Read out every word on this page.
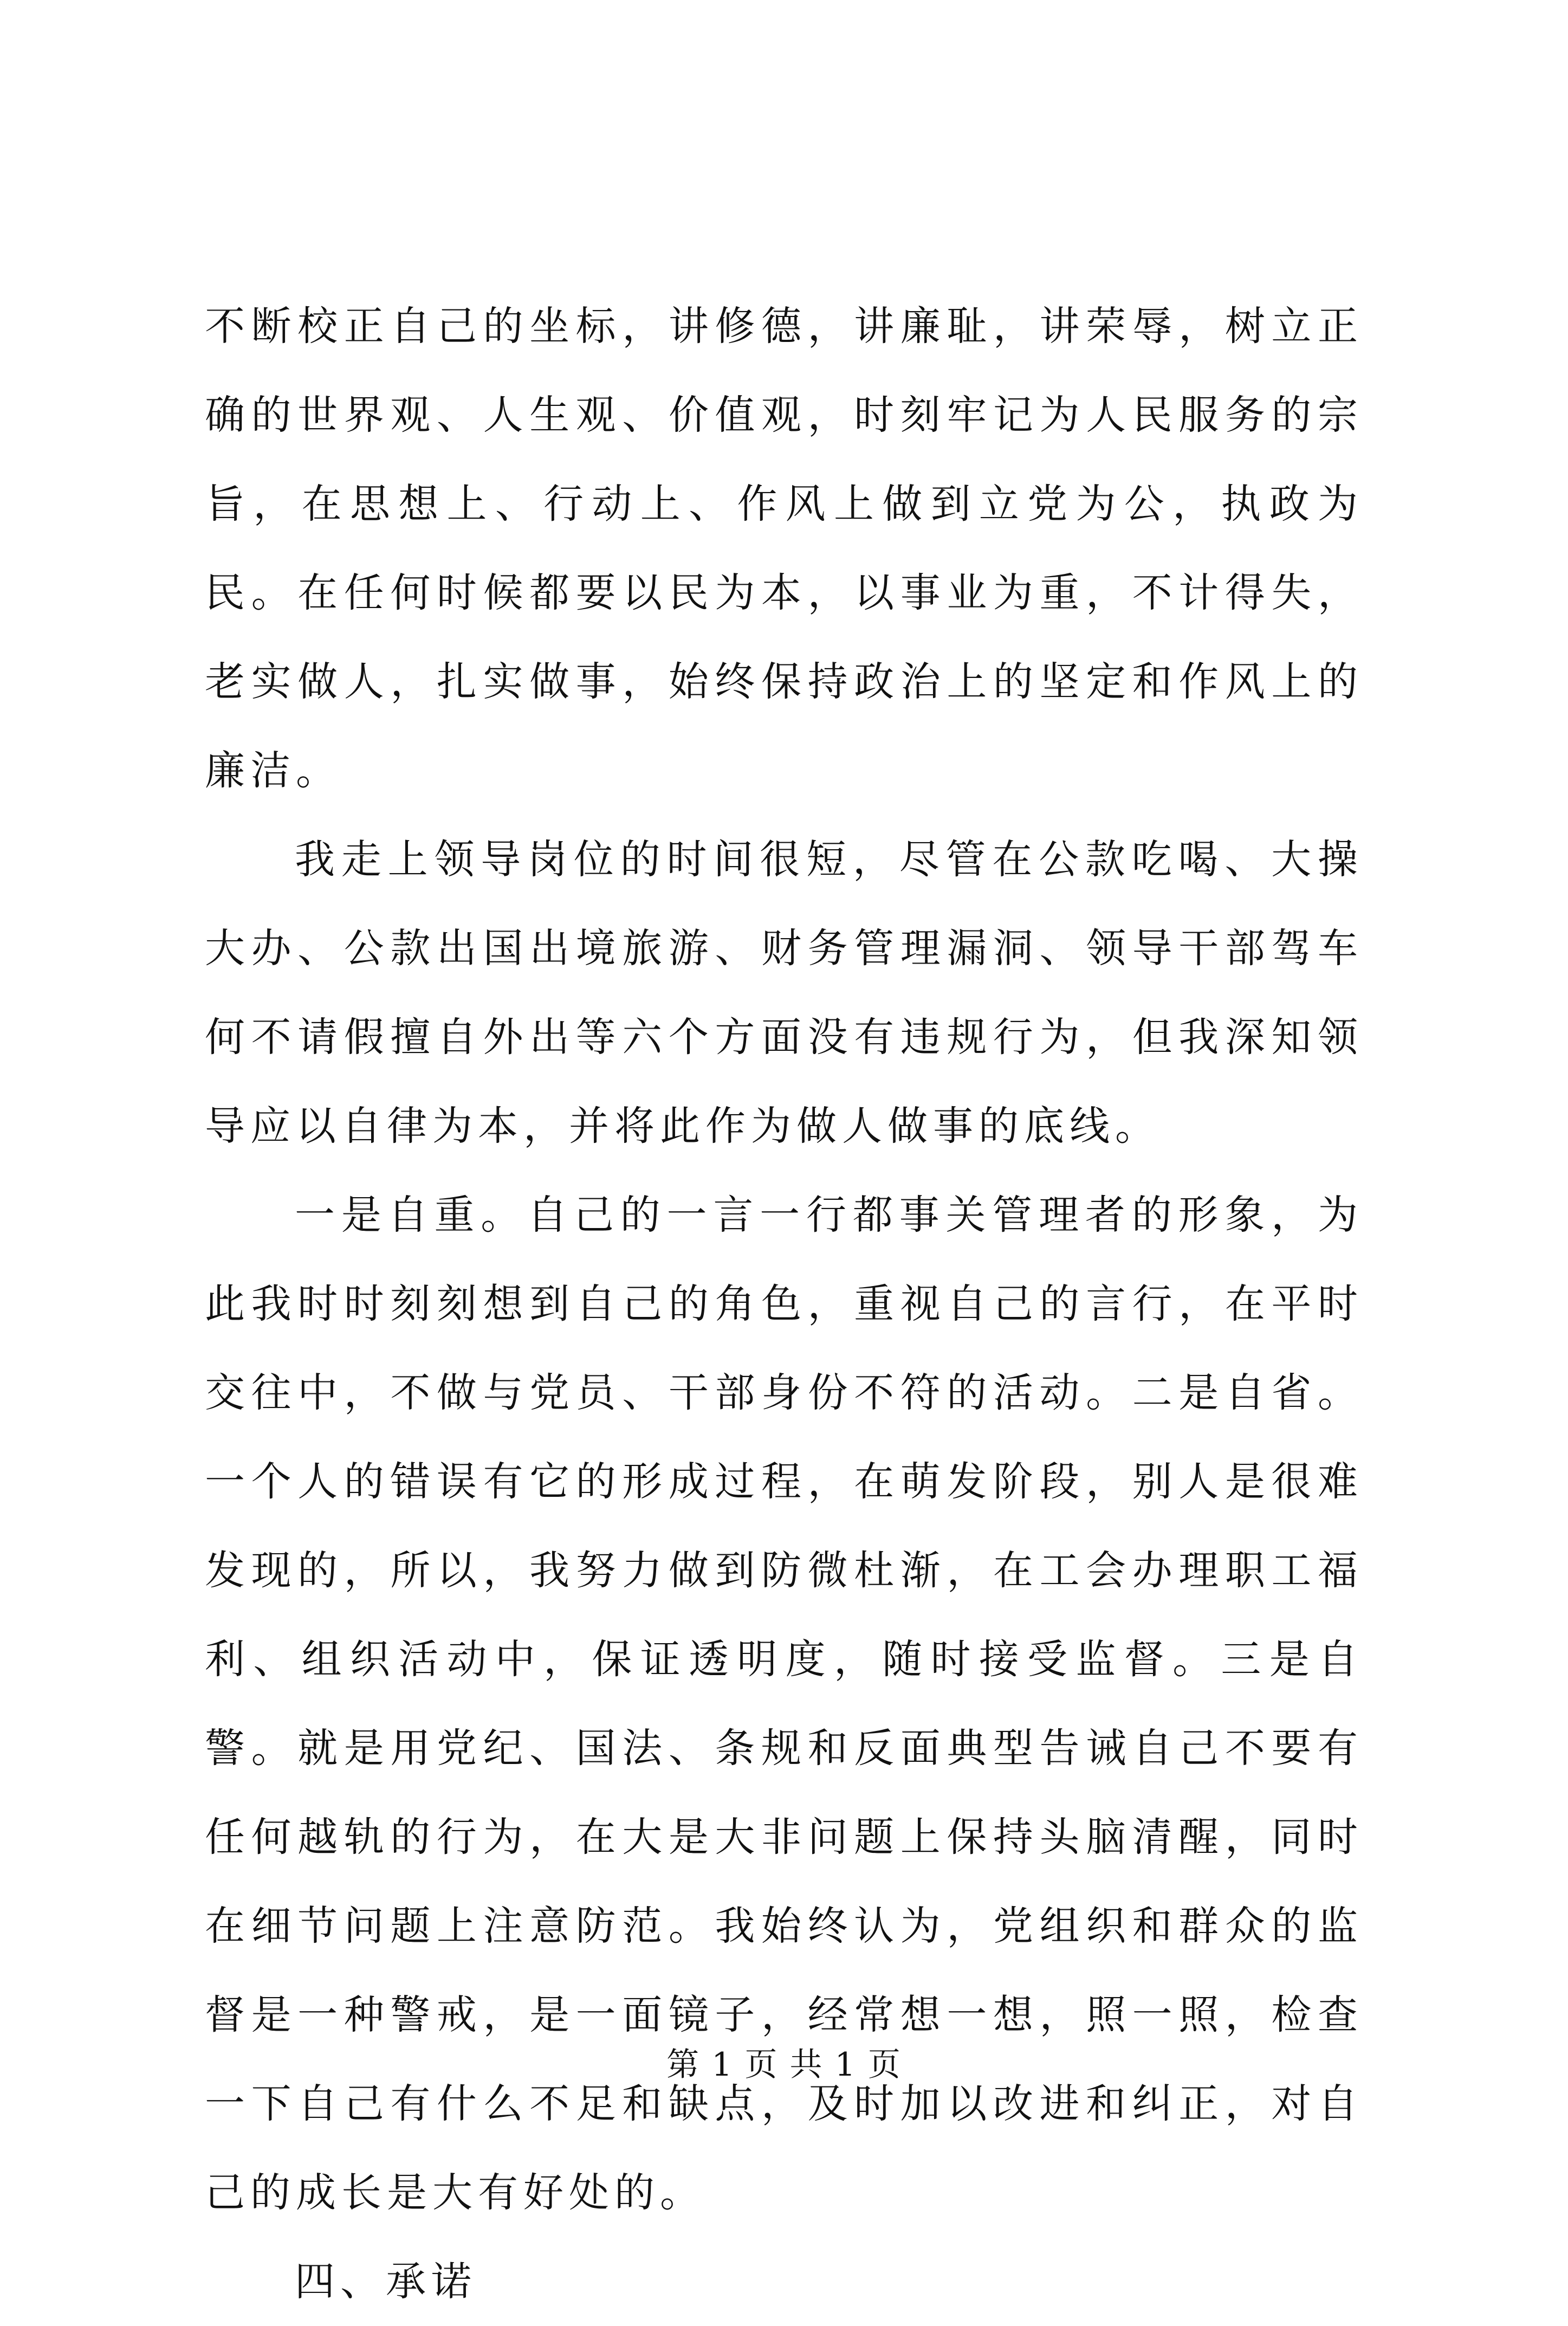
不断校正自己的坐标，讲修德，讲廉耻，讲荣辱，树立正确的世界观、人生观、价值观，时刻牢记为人民服务的宗旨，在思想上、行动上、作风上做到立党为公，执政为民。在任何时候都要以民为本，以事业为重，不计得失，老实做人，扎实做事，始终保持政治上的坚定和作风上的廉洁。

我走上领导岗位的时间很短，尽管在公款吃喝、大操大办、公款出国出境旅游、财务管理漏洞、领导干部驾车何不请假擅自外出等六个方面没有违规行为，但我深知领导应以自律为本，并将此作为做人做事的底线。

一是自重。自己的一言一行都事关管理者的形象，为此我时时刻刻想到自己的角色，重视自己的言行，在平时交往中，不做与党员、干部身份不符的活动。二是自省。一个人的错误有它的形成过程，在萌发阶段，别人是很难发现的，所以，我努力做到防微杜渐，在工会办理职工福利、组织活动中，保证透明度，随时接受监督。三是自警。就是用党纪、国法、条规和反面典型告诫自己不要有任何越轨的行为，在大是大非问题上保持头脑清醒，同时在细节问题上注意防范。我始终认为，党组织和群众的监督是一种警戒，是一面镜子，经常想一想，照一照，检查一下自己有什么不足和缺点，及时加以改进和纠正，对自己的成长是大有好处的。

四、承诺

第 1 页 共 1 页
